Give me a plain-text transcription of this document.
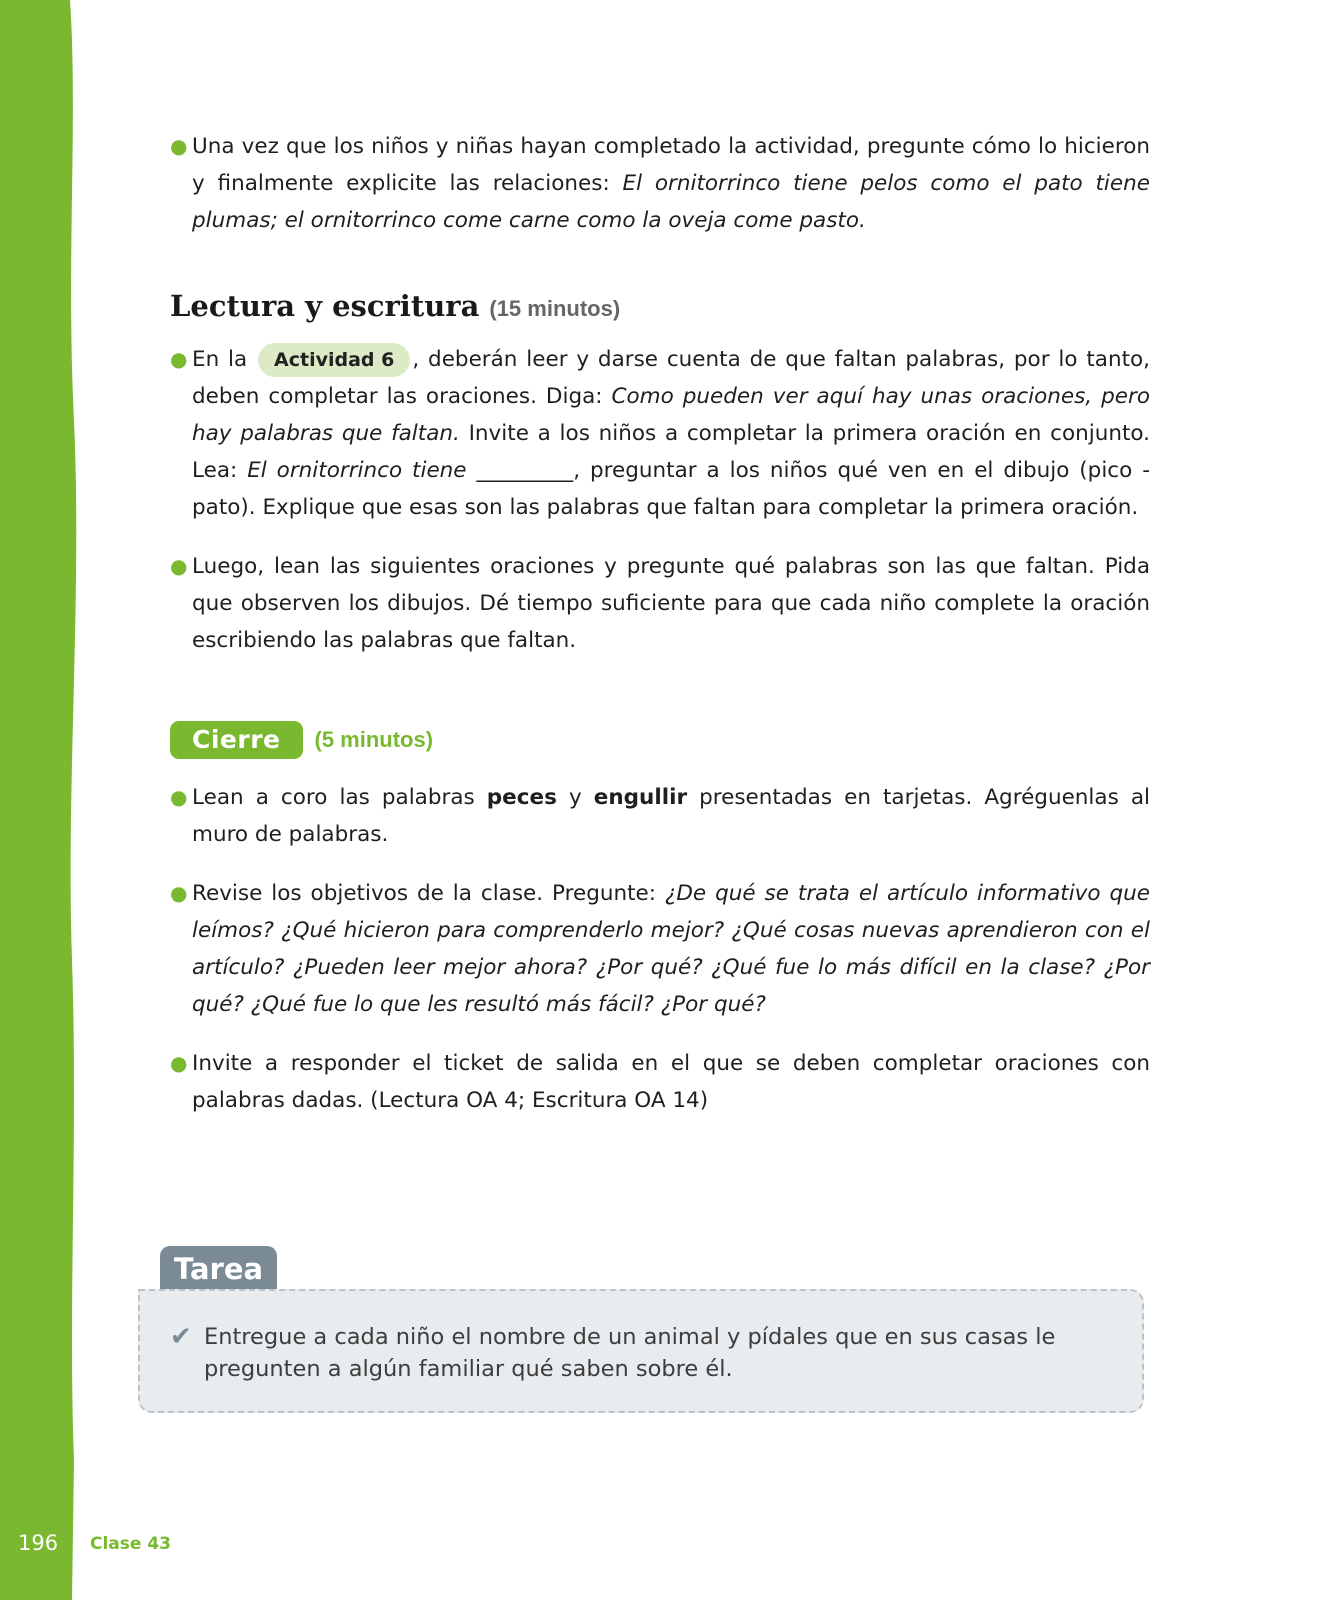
● Una vez que los niños y niñas hayan completado la actividad, pregunte cómo lo hicieron y finalmente explicite las relaciones: El ornitorrinco tiene pelos como el pato tiene plumas; el ornitorrinco come carne como la oveja come pasto.
Lectura y escritura (15 minutos)
● En la Actividad 6 , deberán leer y darse cuenta de que faltan palabras, por lo tanto, deben completar las oraciones. Diga: Como pueden ver aquí hay unas oraciones, pero hay palabras que faltan. Invite a los niños a completar la primera oración en conjunto. Lea: El ornitorrinco tiene _________, preguntar a los niños qué ven en el dibujo (pico - pato). Explique que esas son las palabras que faltan para completar la primera oración.
● Luego, lean las siguientes oraciones y pregunte qué palabras son las que faltan. Pida que observen los dibujos. Dé tiempo suficiente para que cada niño complete la oración escribiendo las palabras que faltan.
Cierre	(5 minutos)
● Lean a coro las palabras peces y engullir presentadas en tarjetas. Agréguenlas al muro de palabras.
● Revise los objetivos de la clase. Pregunte: ¿De qué se trata el artículo informativo que leímos? ¿Qué hicieron para comprenderlo mejor? ¿Qué cosas nuevas aprendieron con el artículo? ¿Pueden leer mejor ahora? ¿Por qué? ¿Qué fue lo más difícil en la clase? ¿Por qué? ¿Qué fue lo que les resultó más fácil? ¿Por qué?
● Invite a responder el ticket de salida en el que se deben completar oraciones con palabras dadas. (Lectura OA 4; Escritura OA 14)
Tarea
✔ Entregue a cada niño el nombre de un animal y pídales que en sus casas le pregunten a algún familiar qué saben sobre él.
196 Clase 43
